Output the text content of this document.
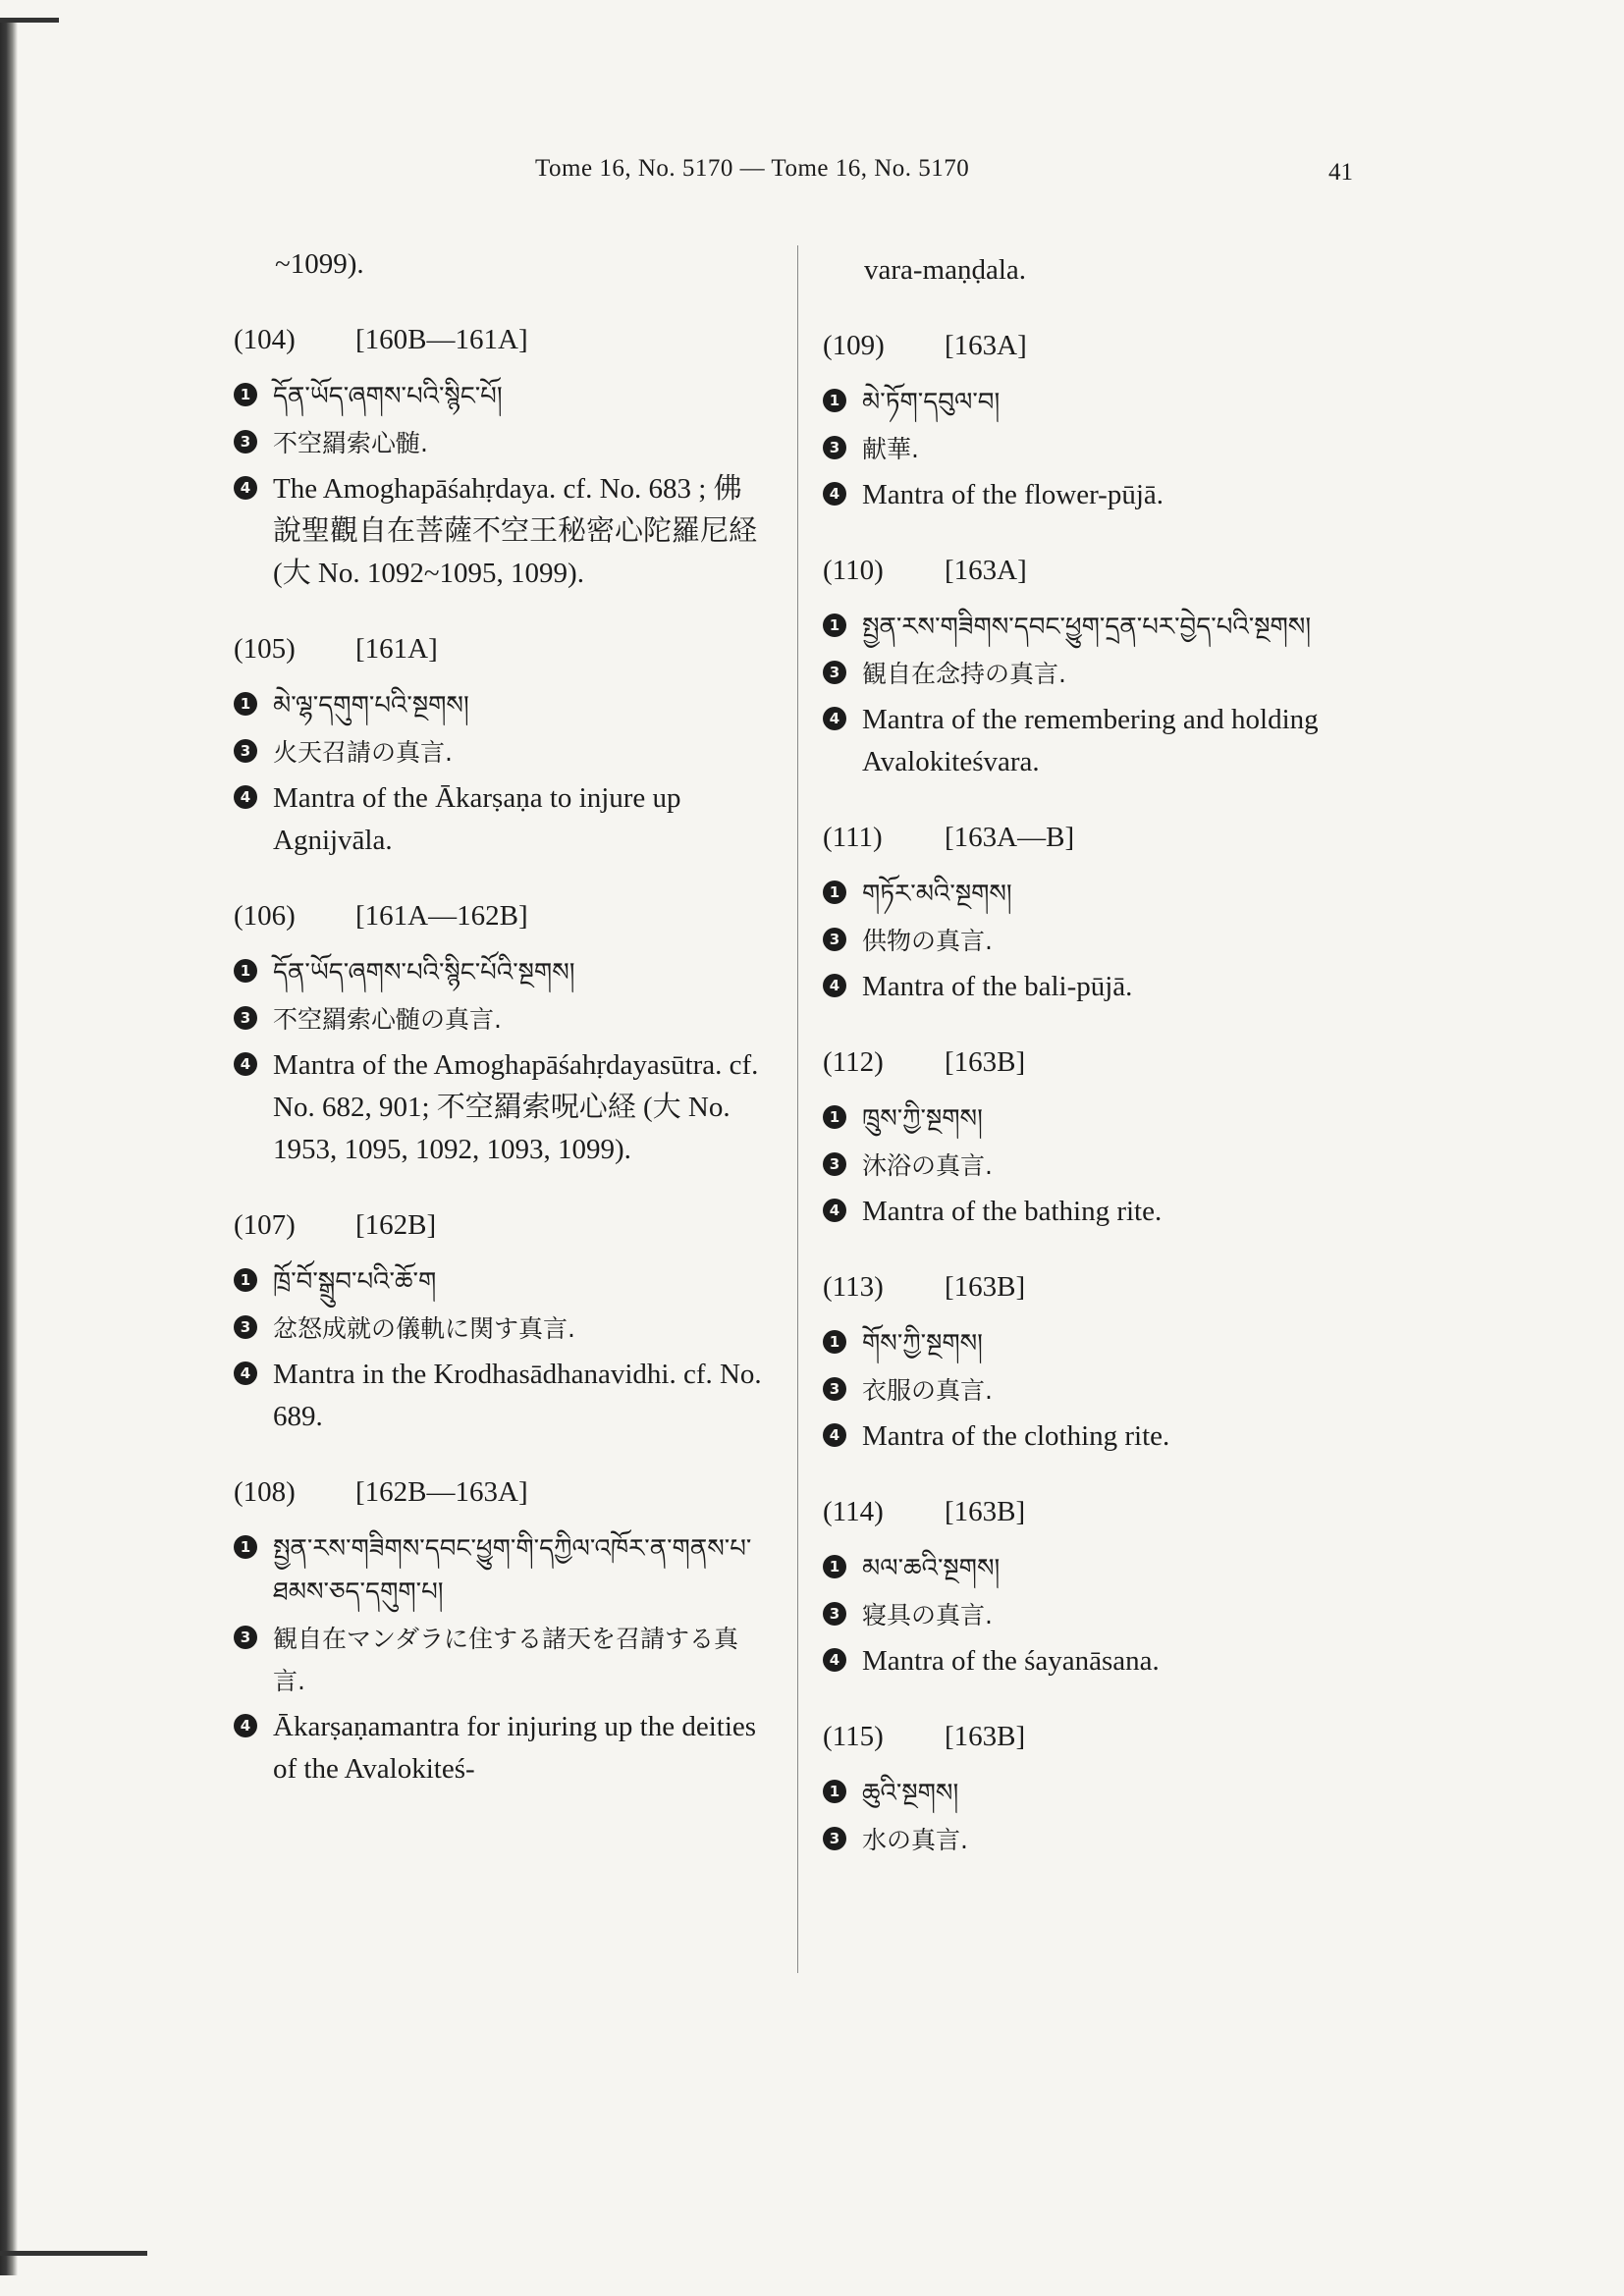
Tome 16, No. 5170 — Tome 16, No. 5170	41
~1099).
(104) [160B—161A]
1 དོན་ཡོད་ཞགས་པའི་སྙིང་པོ།
3 不空羂索心髄.
4 The Amoghapāśahṛdaya. cf. No. 683 ; 佛說聖觀自在菩薩不空王秘密心陀羅尼経 (大 No. 1092~1095, 1099).
(105) [161A]
1 མེ་ལྷ་དགུག་པའི་སྔགས།
3 火天召請の真言.
4 Mantra of the Ākarṣaṇa to injure up Agnijvāla.
(106) [161A—162B]
1 དོན་ཡོད་ཞགས་པའི་སྙིང་པོའི་སྔགས།
3 不空羂索心髄の真言.
4 Mantra of the Amoghapāśahṛdayasūtra. cf. No. 682, 901; 不空羂索呪心経 (大 No. 1953, 1095, 1092, 1093, 1099).
(107) [162B]
1 ཁྲོ་བོ་སྒྲུབ་པའི་ཆོ་ག
3 忿怒成就の儀軌に関す真言.
4 Mantra in the Krodhasādhanavidhi. cf. No. 689.
(108) [162B—163A]
1 སྤྱན་རས་གཟིགས་དབང་ཕྱུག་གི་དཀྱིལ་འཁོར་ན་གནས་པ་ཐམས་ཅད་དགུག་པ།
3 観自在マンダラに住する諸天を召請する真言.
4 Ākarṣaṇamantra for injuring up the deities of the Avalokiteś-
vara-maṇḍala.
(109) [163A]
1 མེ་ཏོག་དབུལ་བ།
3 献華.
4 Mantra of the flower-pūjā.
(110) [163A]
1 སྤྱན་རས་གཟིགས་དབང་ཕྱུག་དྲན་པར་བྱེད་པའི་སྔགས།
3 観自在念持の真言.
4 Mantra of the remembering and holding Avalokiteśvara.
(111) [163A—B]
1 གཏོར་མའི་སྔགས།
3 供物の真言.
4 Mantra of the bali-pūjā.
(112) [163B]
1 ཁྲུས་ཀྱི་སྔགས།
3 沐浴の真言.
4 Mantra of the bathing rite.
(113) [163B]
1 གོས་ཀྱི་སྔགས།
3 衣服の真言.
4 Mantra of the clothing rite.
(114) [163B]
1 མལ་ཆའི་སྔགས།
3 寝具の真言.
4 Mantra of the śayanāsana.
(115) [163B]
1 ཆུའི་སྔགས།
3 水の真言.
